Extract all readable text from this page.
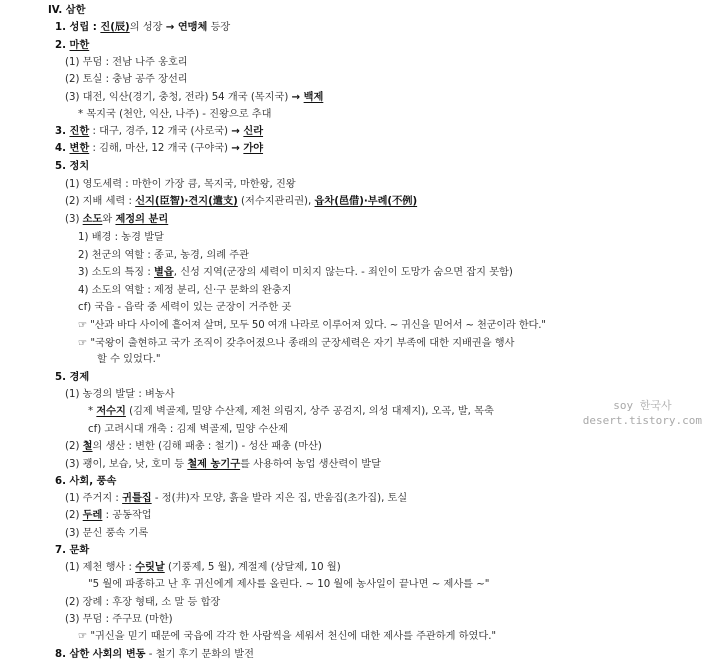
IV. 삼한
1. 성립 : 진(辰)의 성장 → 연맹체 등장
2. 마한
(1) 무덤 : 전남 나주 옹호리
(2) 토실 : 충남 공주 장선리
(3) 대전, 익산(경기, 충청, 전라) 54 개국 (목지국) → 백제
* 목지국 (천안, 익산, 나주) - 진왕으로 추대
3. 진한 : 대구, 경주, 12 개국 (사로국) → 신라
4. 변한 : 김해, 마산, 12 개국 (구야국) → 가야
5. 정치
(1) 영도세력 : 마한이 가장 큼, 목지국, 마한왕, 진왕
(2) 지배 세력 : 신지(臣智)·견지(遣支) (저수지관리권), 읍차(邑借)·부례(不例)
(3) 소도와 제정의 분리
1) 배경 : 농경 발달
2) 천군의 역할 : 종교, 농경, 의례 주관
3) 소도의 특징 : 별읍, 신성 지역(군장의 세력이 미치지 않는다. - 죄인이 도망가 숨으면 잡지 못함)
4) 소도의 역할 : 제정 분리, 신·구 문화의 완충지
cf) 국읍 - 읍락 중 세력이 있는 군장이 거주한 곳
☞ "산과 바다 사이에 흩어져 살며, 모두 50 여개 나라로 이루어져 있다. ~ 귀신을 믿어서 ~ 천군이라 한다."
☞ "국왕이 출현하고 국가 조직이 갖추어졌으나 종래의 군장세력은 자기 부족에 대한 지배권을 행사
할 수 있었다."
5. 경제
(1) 농경의 발달 : 벼농사
* 저수지 (김제 벽골제, 밀양 수산제, 제천 의림지, 상주 공검지, 의성 대제지), 오곡, 발, 목축
cf) 고려시대 개축 : 김제 벽골제, 밀양 수산제
(2) 철의 생산 : 변한 (김해 패총 : 철기) - 성산 패총 (마산)
(3) 괭이, 보습, 낫, 호미 등 철제 농기구를 사용하여 농업 생산력이 발달
6. 사회, 풍속
(1) 주거지 : 귀틀집 - 정(井)자 모양, 흙을 발라 지은 집, 반움집(초가집), 토실
(2) 두레 : 공동작업
(3) 문신 풍속 기록
7. 문화
(1) 제천 행사 : 수릿날 (기풍제, 5 월), 계절제 (상달제, 10 월)
"5 월에 파종하고 난 후 귀신에게 제사를 올린다. ~ 10 월에 농사일이 끝나면 ~ 제사를 ~"
(2) 장례 : 후장 형태, 소 말 등 합장
(3) 무덤 : 주구묘 (마한)
☞ "귀신을 믿기 때문에 국읍에 각각 한 사람씩을 세워서 천신에 대한 제사를 주관하게 하였다."
8. 삼한 사회의 변동 - 철기 후기 문화의 발전
soy 한국사
desert.tistory.com
